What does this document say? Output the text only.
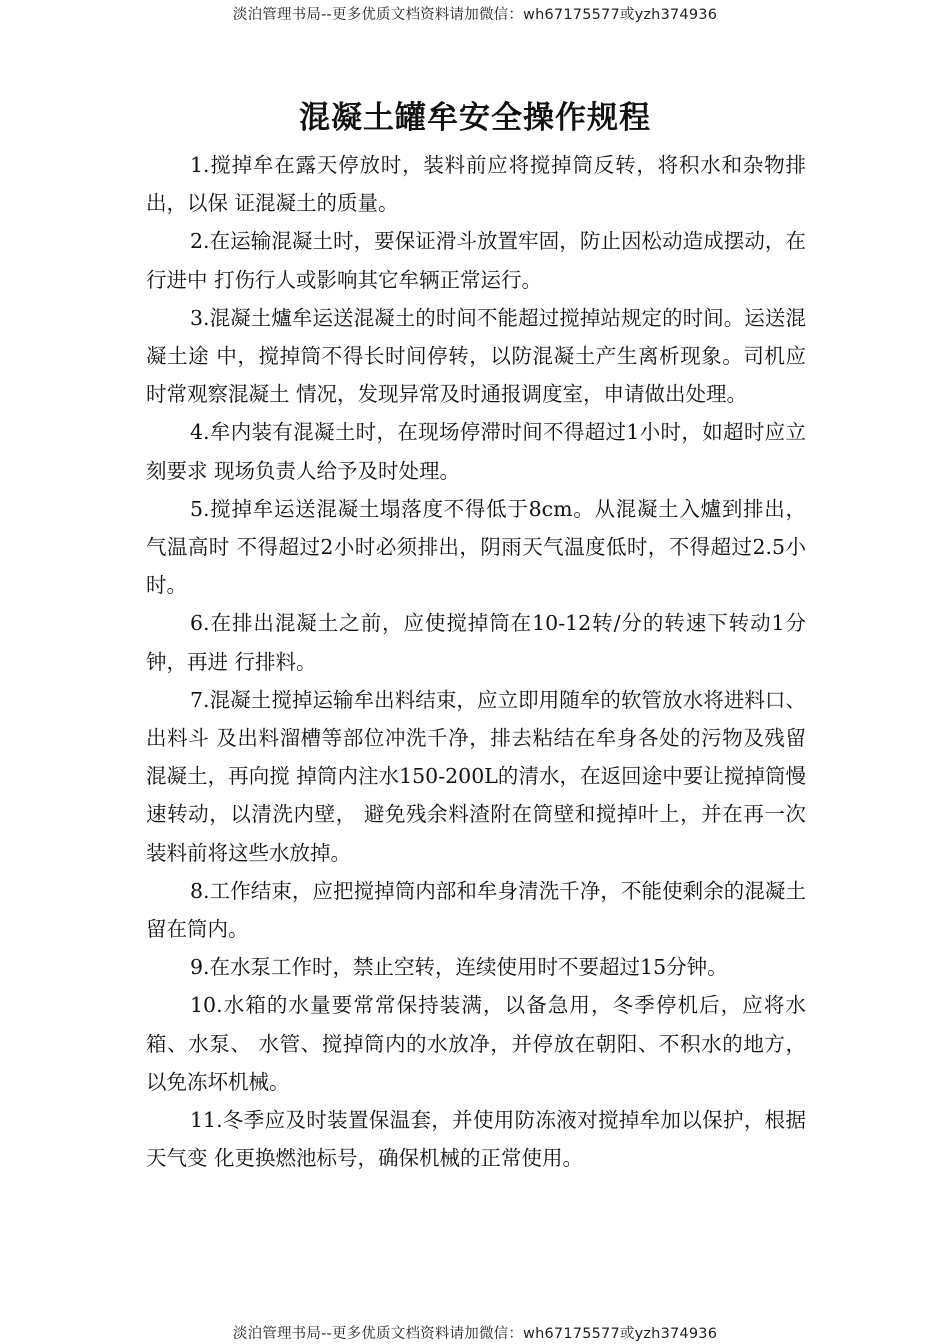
淡泊管理书局--更多优质文档资料请加微信：wh67175577或yzh374936
混凝土罐牟安全操作规程

1.搅掉牟在露天停放时，装料前应将搅掉筒反转，将积水和杂物排出，以保 证混凝土的质量。

2.在运输混凝土时，要保证滑斗放置牢固，防止因松动造成摆动，在行进中 打伤行人或影响其它牟辆正常运行。

3.混凝土爐牟运送混凝土的时间不能超过搅掉站规定的时间。运送混凝土途 中，搅掉筒不得长时间停转，以防混凝土产生离析现象。司机应时常观察混凝土 情况，发现异常及时通报调度室，申请做出处理。

4.牟内装有混凝土时，在现场停滞时间不得超过1小时，如超时应立刻要求 现场负责人给予及时处理。

5.搅掉牟运送混凝土塌落度不得低于8cm。从混凝土入爐到排出，气温高时 不得超过2小时必须排出，阴雨天气温度低时，不得超过2.5小时。

6.在排出混凝土之前，应使搅掉筒在10-12转/分的转速下转动1分钟，再进 行排料。

7.混凝土搅掉运输牟出料结束，应立即用随牟的软管放水将进料口、出料斗 及出料溜槽等部位冲洗千净，排去粘结在牟身各处的污物及残留混凝土，再向搅 掉筒内注水150-200L的清水，在返回途中要让搅掉筒慢速转动，以清洗内壁， 避免残余料渣附在筒壁和搅掉叶上，并在再一次装料前将这些水放掉。

8.工作结束，应把搅掉筒内部和牟身清洗千净，不能使剩余的混凝土留在筒内。

9.在水泵工作时，禁止空转，连续使用时不要超过15分钟。

10.水箱的水量要常常保持装满，以备急用，冬季停机后，应将水箱、水泵、 水管、搅掉筒内的水放净，并停放在朝阳、不积水的地方，以免冻坏机械。

11.冬季应及时装置保温套，并使用防冻液对搅掉牟加以保护，根据天气变 化更换燃池标号，确保机械的正常使用。

淡泊管理书局--更多优质文档资料请加微信：wh67175577或yzh374936
